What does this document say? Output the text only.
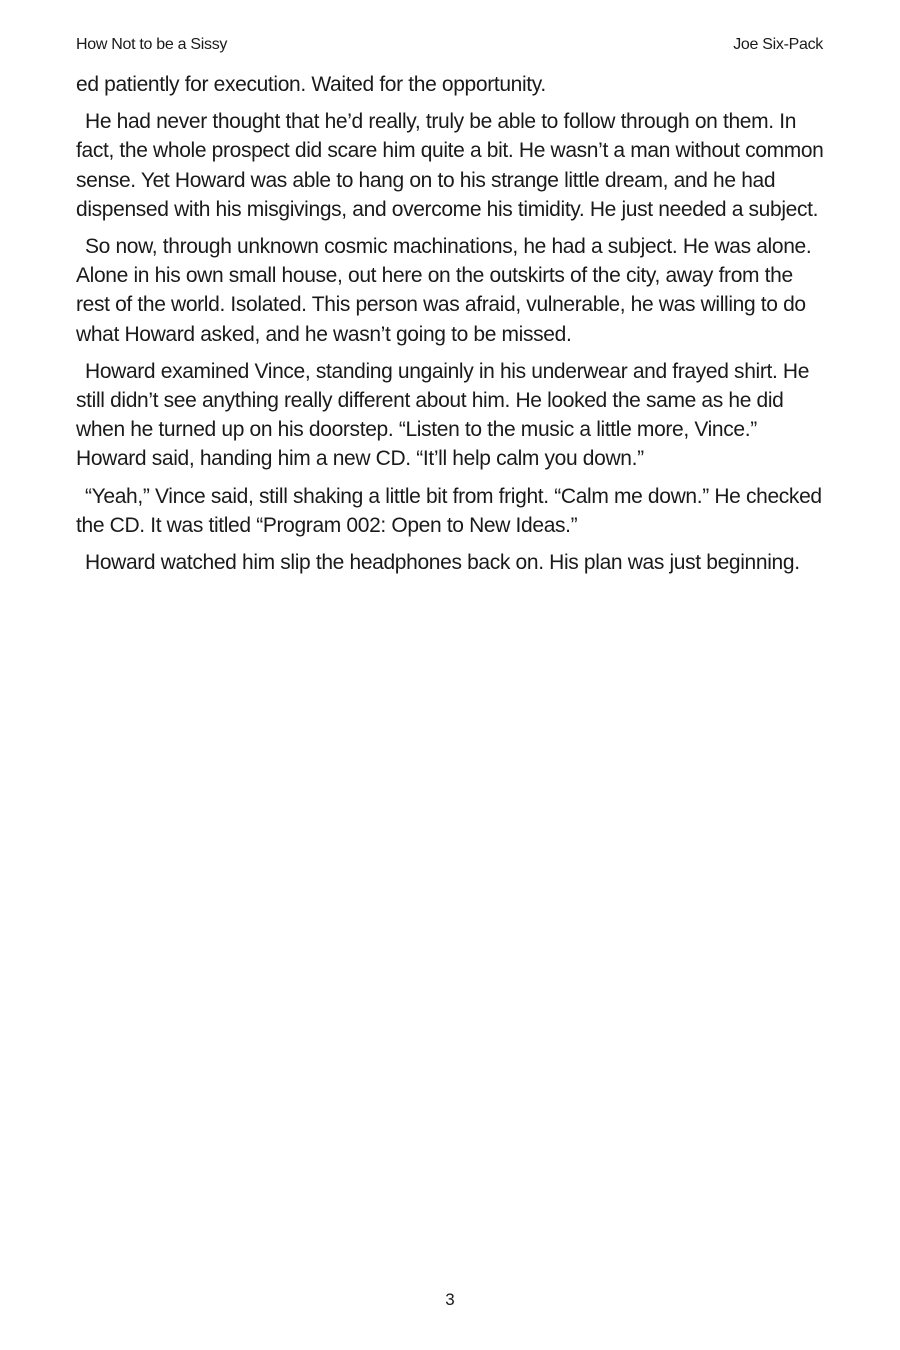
How Not to be a Sissy	Joe Six-Pack

ed patiently for execution. Waited for the opportunity.

He had never thought that he’d really, truly be able to follow through on them. In fact, the whole prospect did scare him quite a bit. He wasn’t a man without common sense. Yet Howard was able to hang on to his strange little dream, and he had dispensed with his misgivings, and overcome his timidity. He just needed a subject.

So now, through unknown cosmic machinations, he had a subject. He was alone. Alone in his own small house, out here on the outskirts of the city, away from the rest of the world. Isolated. This person was afraid, vulnerable, he was willing to do what Howard asked, and he wasn’t going to be missed.

Howard examined Vince, standing ungainly in his underwear and frayed shirt. He still didn’t see anything really different about him. He looked the same as he did when he turned up on his doorstep. “Listen to the music a little more, Vince.” Howard said, handing him a new CD. “It’ll help calm you down.”

“Yeah,” Vince said, still shaking a little bit from fright. “Calm me down.” He checked the CD. It was titled “Program 002: Open to New Ideas.”

Howard watched him slip the headphones back on. His plan was just beginning.

3
